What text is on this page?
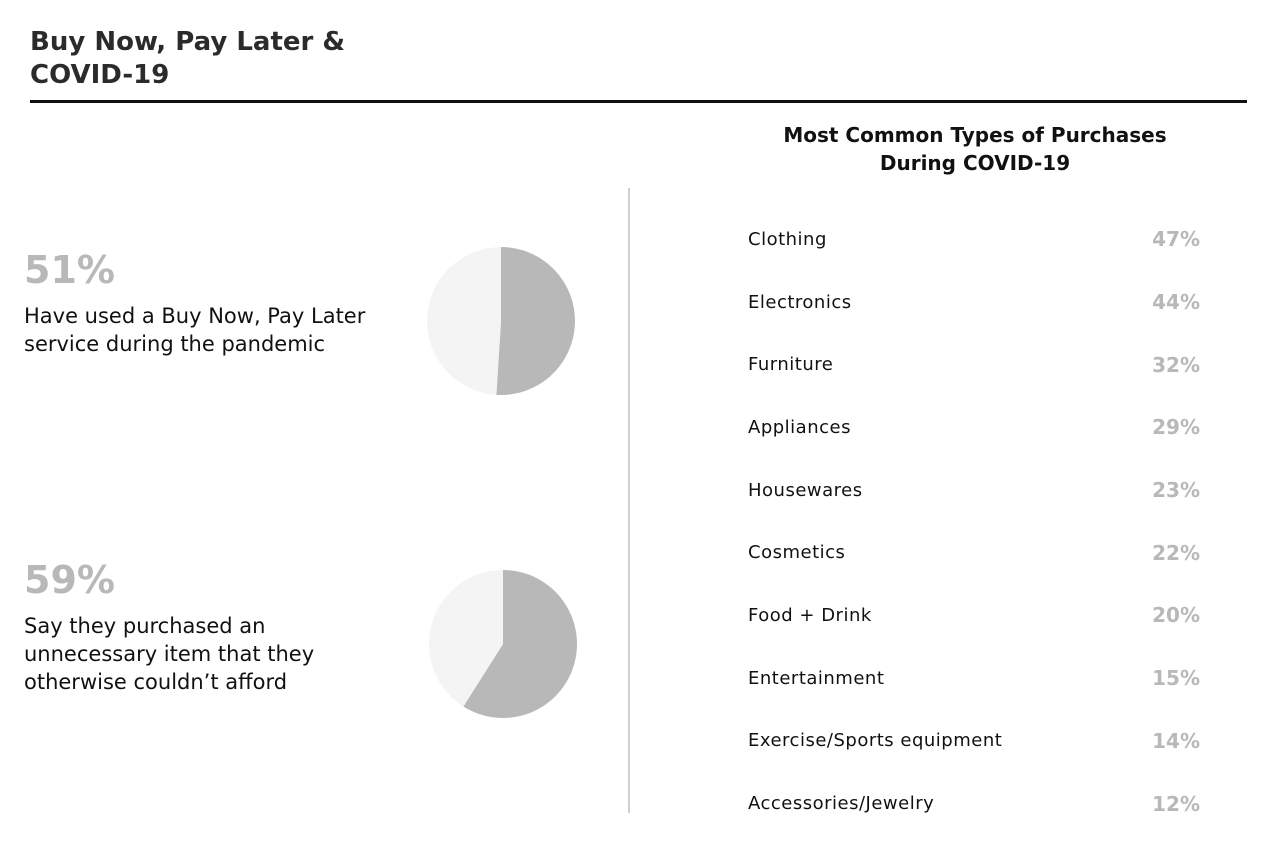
Buy Now, Pay Later &
COVID-19
51%
Have used a Buy Now, Pay Later service during the pandemic
59%
Say they purchased an unnecessary item that they otherwise couldn’t afford
Most Common Types of Purchases
During COVID-19
Clothing	47%
Electronics	44%
Furniture	32%
Appliances	29%
Housewares	23%
Cosmetics	22%
Food + Drink	20%
Entertainment	15%
Exercise/Sports equipment	14%
Accessories/Jewelry	12%
